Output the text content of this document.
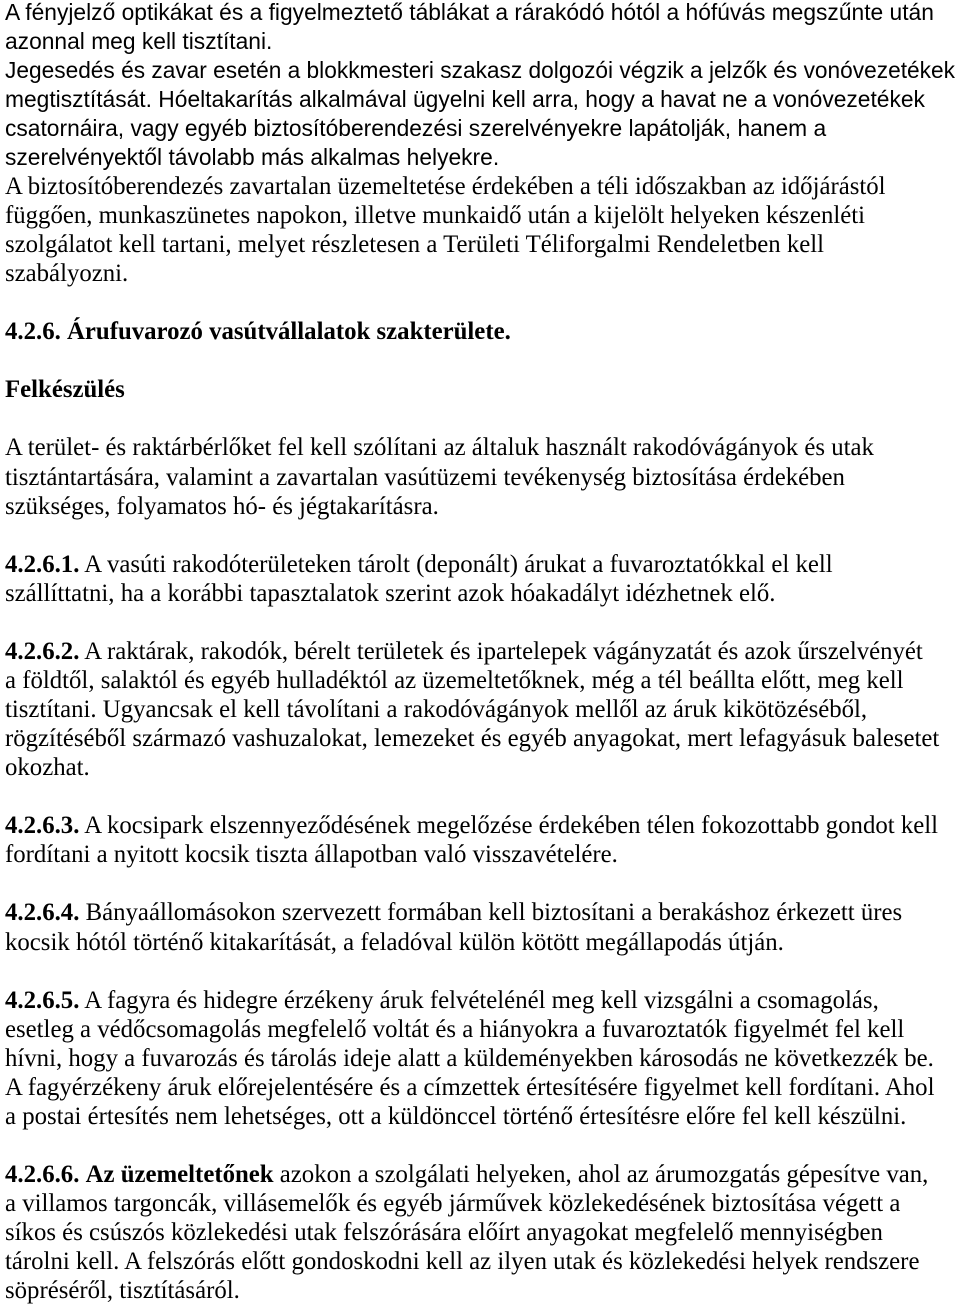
A fényjelző optikákat és a figyelmeztető táblákat a rárakódó hótól a hófúvás megszűnte után
azonnal meg kell tisztítani.
Jegesedés és zavar esetén a blokkmesteri szakasz dolgozói végzik a jelzők és vonóvezetékek
megtisztítását. Hóeltakarítás alkalmával ügyelni kell arra, hogy a havat ne a vonóvezetékek
csatornáira, vagy egyéb biztosítóberendezési szerelvényekre lapátolják, hanem a
szerelvényektől távolabb más alkalmas helyekre.
A biztosítóberendezés zavartalan üzemeltetése érdekében a téli időszakban az időjárástól
függően, munkaszünetes napokon, illetve munkaidő után a kijelölt helyeken készenléti
szolgálatot kell tartani, melyet részletesen a Területi Téliforgalmi Rendeletben kell
szabályozni.
4.2.6. Árufuvarozó vasútvállalatok szakterülete.
Felkészülés
A terület- és raktárbérlőket fel kell szólítani az általuk használt rakodóvágányok és utak
tisztántartására, valamint a zavartalan vasútüzemi tevékenység biztosítása érdekében
szükséges, folyamatos hó- és jégtakarításra.
4.2.6.1. A vasúti rakodóterületeken tárolt (deponált) árukat a fuvaroztatókkal el kell
szállíttatni, ha a korábbi tapasztalatok szerint azok hóakadályt idézhetnek elő.
4.2.6.2. A raktárak, rakodók, bérelt területek és ipartelepek vágányzatát és azok űrszelvényét
a földtől, salaktól és egyéb hulladéktól az üzemeltetőknek, még a tél beállta előtt, meg kell
tisztítani. Ugyancsak el kell távolítani a rakodóvágányok mellől az áruk kikötözéséből,
rögzítéséből származó vashuzalokat, lemezeket és egyéb anyagokat, mert lefagyásuk balesetet
okozhat.
4.2.6.3. A kocsipark elszennyeződésének megelőzése érdekében télen fokozottabb gondot kell
fordítani a nyitott kocsik tiszta állapotban való visszavételére.
4.2.6.4. Bányaállomásokon szervezett formában kell biztosítani a berakáshoz érkezett üres
kocsik hótól történő kitakarítását, a feladóval külön kötött megállapodás útján.
4.2.6.5. A fagyra és hidegre érzékeny áruk felvételénél meg kell vizsgálni a csomagolás,
esetleg a védőcsomagolás megfelelő voltát és a hiányokra a fuvaroztatók figyelmét fel kell
hívni, hogy a fuvarozás és tárolás ideje alatt a küldeményekben károsodás ne következzék be.
A fagyérzékeny áruk előrejelentésére és a címzettek értesítésére figyelmet kell fordítani. Ahol
a postai értesítés nem lehetséges, ott a küldönccel történő értesítésre előre fel kell készülni.
4.2.6.6. Az üzemeltetőnek azokon a szolgálati helyeken, ahol az árumozgatás gépesítve van,
a villamos targoncák, villásemelők és egyéb járművek közlekedésének biztosítása végett a
síkos és csúszós közlekedési utak felszórására előírt anyagokat megfelelő mennyiségben
tárolni kell. A felszórás előtt gondoskodni kell az ilyen utak és közlekedési helyek rendszere
söpréséről, tisztításáról.
